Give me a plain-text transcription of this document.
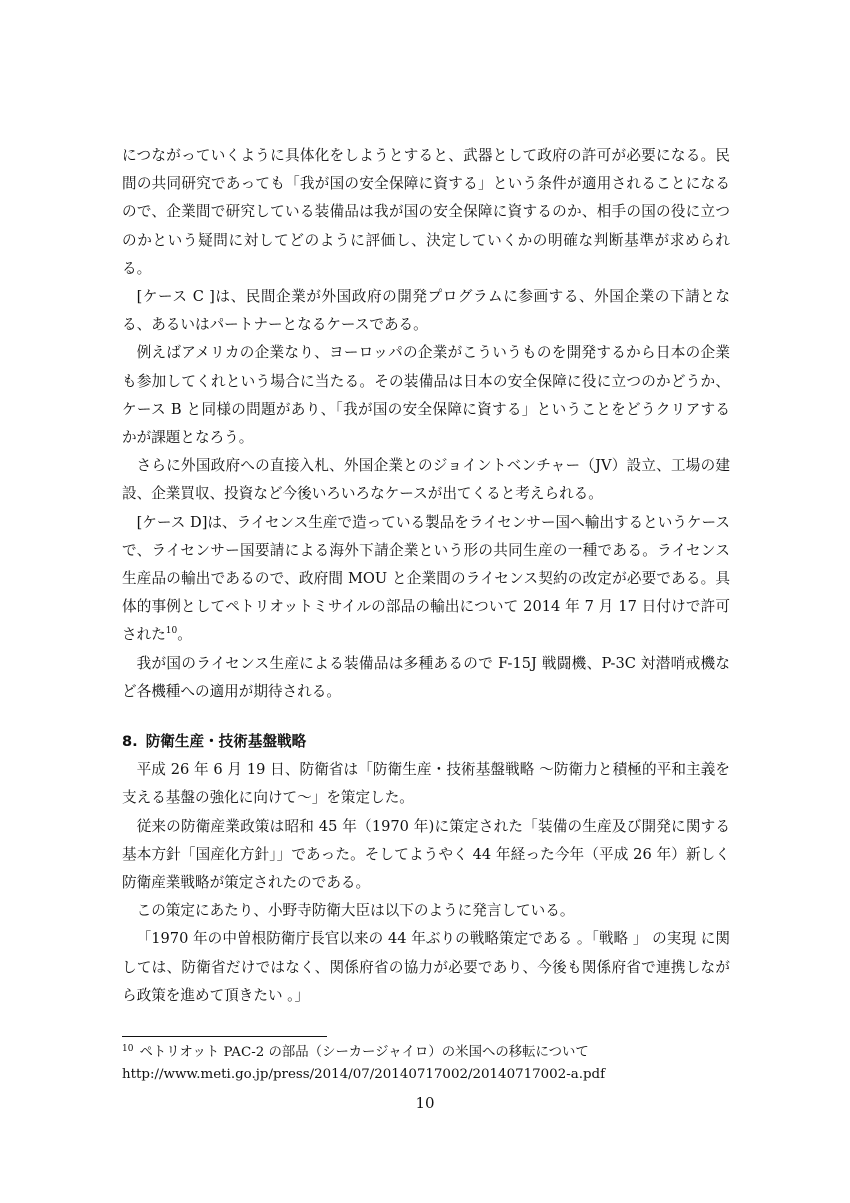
につながっていくように具体化をしようとすると、武器として政府の許可が必要になる。民間の共同研究であっても「我が国の安全保障に資する」という条件が適用されることになるので、企業間で研究している装備品は我が国の安全保障に資するのか、相手の国の役に立つのかという疑問に対してどのように評価し、決定していくかの明確な判断基準が求められる。

[ケース C ]は、民間企業が外国政府の開発プログラムに参画する、外国企業の下請となる、あるいはパートナーとなるケースである。

例えばアメリカの企業なり、ヨーロッパの企業がこういうものを開発するから日本の企業も参加してくれという場合に当たる。その装備品は日本の安全保障に役に立つのかどうか、ケース B と同様の問題があり、「我が国の安全保障に資する」ということをどうクリアするかが課題となろう。

さらに外国政府への直接入札、外国企業とのジョイントベンチャー（JV）設立、工場の建設、企業買収、投資など今後いろいろなケースが出てくると考えられる。

[ケース D]は、ライセンス生産で造っている製品をライセンサー国へ輸出するというケースで、ライセンサー国要請による海外下請企業という形の共同生産の一種である。ライセンス生産品の輸出であるので、政府間 MOU と企業間のライセンス契約の改定が必要である。具体的事例としてペトリオットミサイルの部品の輸出について 2014 年 7 月 17 日付けで許可された$^{10}$。

我が国のライセンス生産による装備品は多種あるので F-15J 戦闘機、P-3C 対潜哨戒機など各機種への適用が期待される。

8. 防衛生産・技術基盤戦略

平成 26 年 6 月 19 日、防衛省は「防衛生産・技術基盤戦略 〜防衛力と積極的平和主義を支える基盤の強化に向けて〜」を策定した。

従来の防衛産業政策は昭和 45 年（1970 年)に策定された「装備の生産及び開発に関する基本方針「国産化方針」」であった。そしてようやく 44 年経った今年（平成 26 年）新しく防衛産業戦略が策定されたのである。

この策定にあたり、小野寺防衛大臣は以下のように発言している。

「1970 年の中曽根防衛庁長官以来の 44 年ぶりの戦略策定である 。「戦略 」 の実現 に関しては、防衛省だけではなく、関係府省の協力が必要であり、今後も関係府省で連携しながら政策を進めて頂きたい 。」

$^{10}$ ペトリオット PAC-2 の部品（シーカージャイロ）の米国への移転について
http://www.meti.go.jp/press/2014/07/20140717002/20140717002-a.pdf
10
